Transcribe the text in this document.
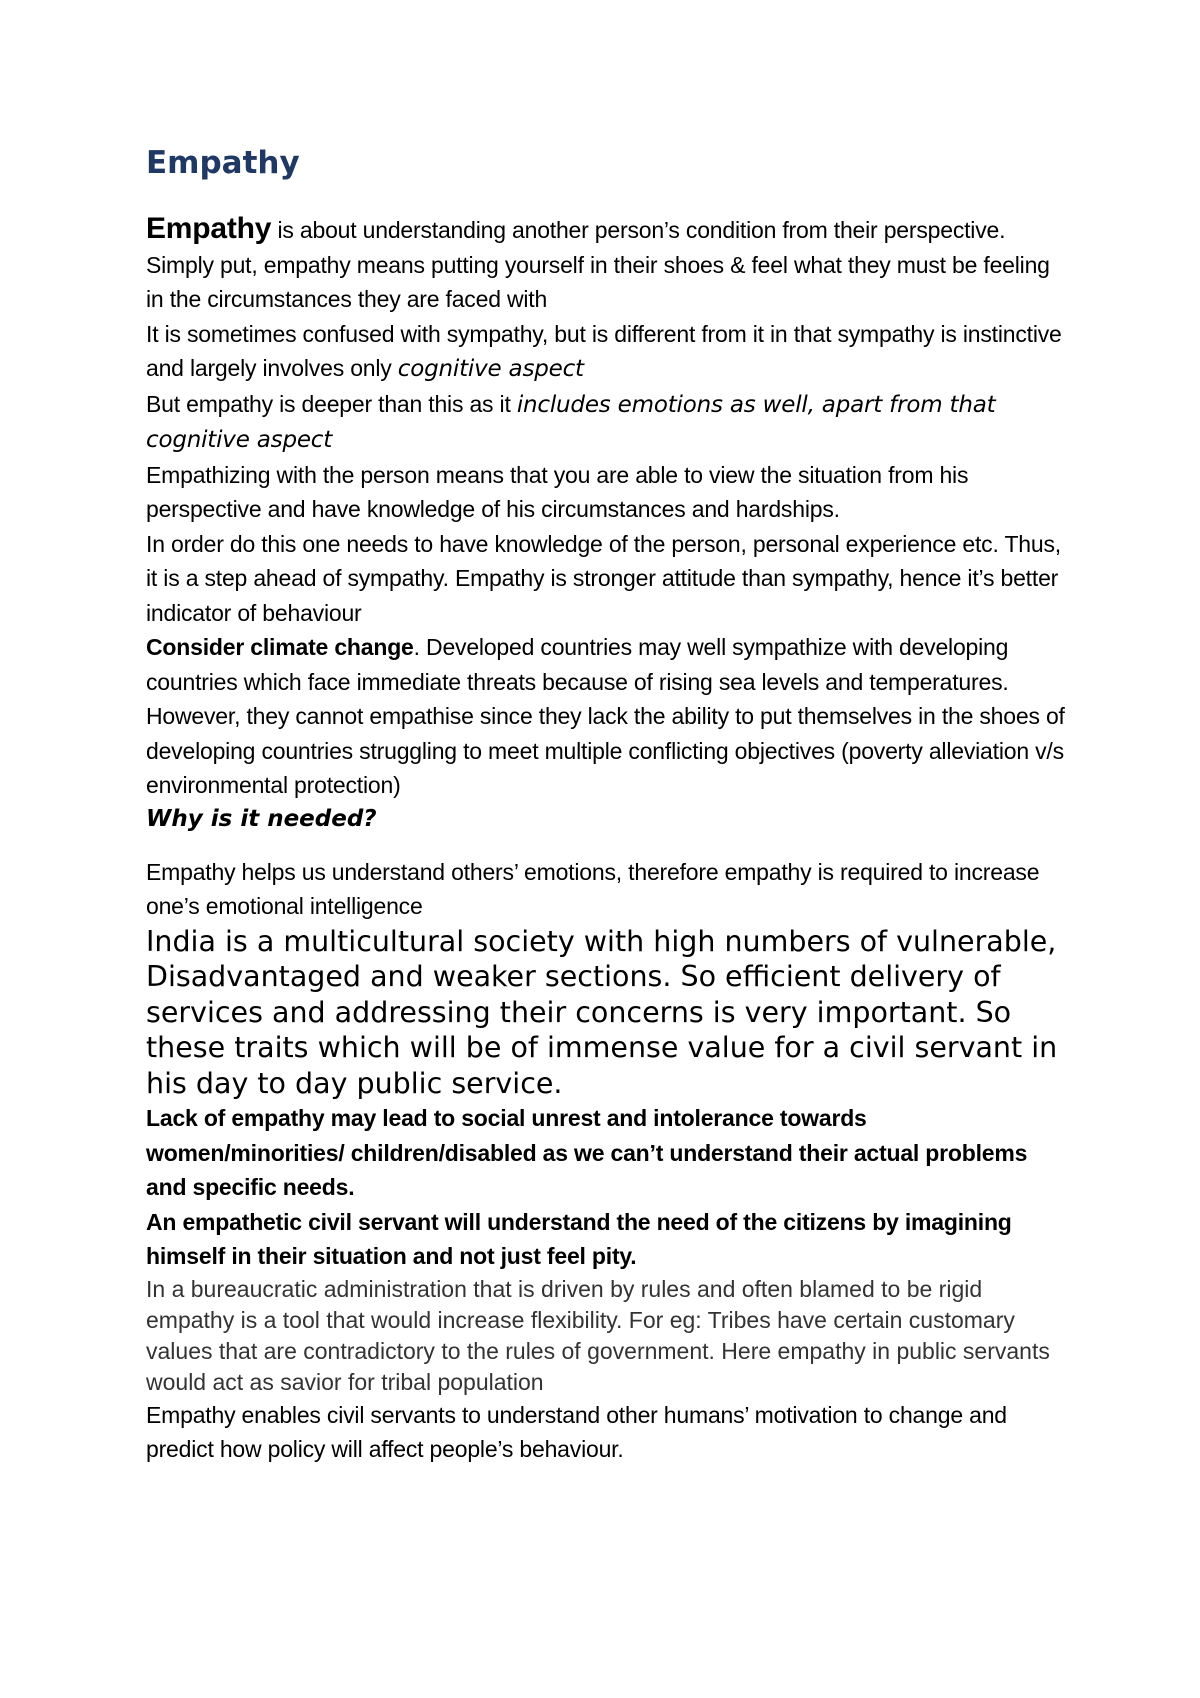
Empathy

Empathy is about understanding another person’s condition from their perspective. Simply put, empathy means putting yourself in their shoes & feel what they must be feeling in the circumstances they are faced with

It is sometimes confused with sympathy, but is different from it in that sympathy is instinctive and largely involves only cognitive aspect

But empathy is deeper than this as it includes emotions as well, apart from that cognitive aspect

Empathizing with the person means that you are able to view the situation from his perspective and have knowledge of his circumstances and hardships.

In order do this one needs to have knowledge of the person, personal experience etc. Thus, it is a step ahead of sympathy. Empathy is stronger attitude than sympathy, hence it’s better indicator of behaviour

Consider climate change. Developed countries may well sympathize with developing countries which face immediate threats because of rising sea levels and temperatures. However, they cannot empathise since they lack the ability to put themselves in the shoes of developing countries struggling to meet multiple conflicting objectives (poverty alleviation v/s environmental protection)

Why is it needed?

Empathy helps us understand others’ emotions, therefore empathy is required to increase one’s emotional intelligence

India is a multicultural society with high numbers of vulnerable, Disadvantaged and weaker sections. So efficient delivery of services and addressing their concerns is very important. So these traits which will be of immense value for a civil servant in his day to day public service.

Lack of empathy may lead to social unrest and intolerance towards women/minorities/ children/disabled as we can’t understand their actual problems and specific needs.

An empathetic civil servant will understand the need of the citizens by imagining himself in their situation and not just feel pity.

In a bureaucratic administration that is driven by rules and often blamed to be rigid empathy is a tool that would increase flexibility. For eg: Tribes have certain customary values that are contradictory to the rules of government. Here empathy in public servants would act as savior for tribal population

Empathy enables civil servants to understand other humans’ motivation to change and predict how policy will affect people’s behaviour.
